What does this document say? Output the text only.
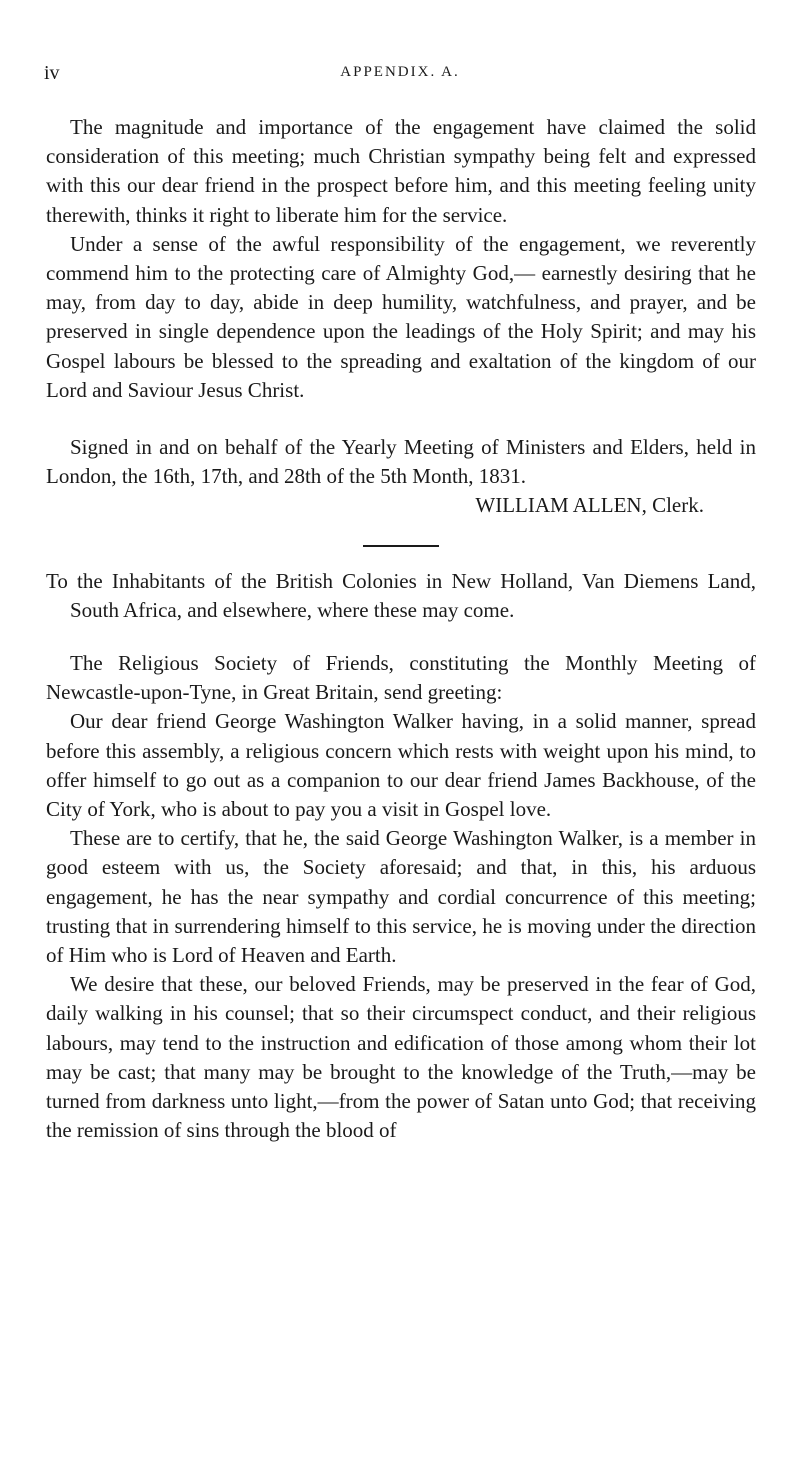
iv	APPENDIX. A.

The magnitude and importance of the engagement have claimed the solid consideration of this meeting; much Christian sympathy being felt and expressed with this our dear friend in the prospect before him, and this meeting feeling unity therewith, thinks it right to liberate him for the service.

Under a sense of the awful responsibility of the engagement, we reverently commend him to the protecting care of Almighty God,— earnestly desiring that he may, from day to day, abide in deep humility, watchfulness, and prayer, and be preserved in single dependence upon the leadings of the Holy Spirit; and may his Gospel labours be blessed to the spreading and exaltation of the kingdom of our Lord and Saviour Jesus Christ.

Signed in and on behalf of the Yearly Meeting of Ministers and Elders, held in London, the 16th, 17th, and 28th of the 5th Month, 1831.

WILLIAM ALLEN, Clerk.

To the Inhabitants of the British Colonies in New Holland, Van Diemens Land, South Africa, and elsewhere, where these may come.

The Religious Society of Friends, constituting the Monthly Meeting of Newcastle-upon-Tyne, in Great Britain, send greeting:

Our dear friend George Washington Walker having, in a solid manner, spread before this assembly, a religious concern which rests with weight upon his mind, to offer himself to go out as a companion to our dear friend James Backhouse, of the City of York, who is about to pay you a visit in Gospel love.

These are to certify, that he, the said George Washington Walker, is a member in good esteem with us, the Society aforesaid; and that, in this, his arduous engagement, he has the near sympathy and cordial concurrence of this meeting; trusting that in surrendering himself to this service, he is moving under the direction of Him who is Lord of Heaven and Earth.

We desire that these, our beloved Friends, may be preserved in the fear of God, daily walking in his counsel; that so their circumspect conduct, and their religious labours, may tend to the instruction and edification of those among whom their lot may be cast; that many may be brought to the knowledge of the Truth,—may be turned from darkness unto light,—from the power of Satan unto God; that receiving the remission of sins through the blood of
